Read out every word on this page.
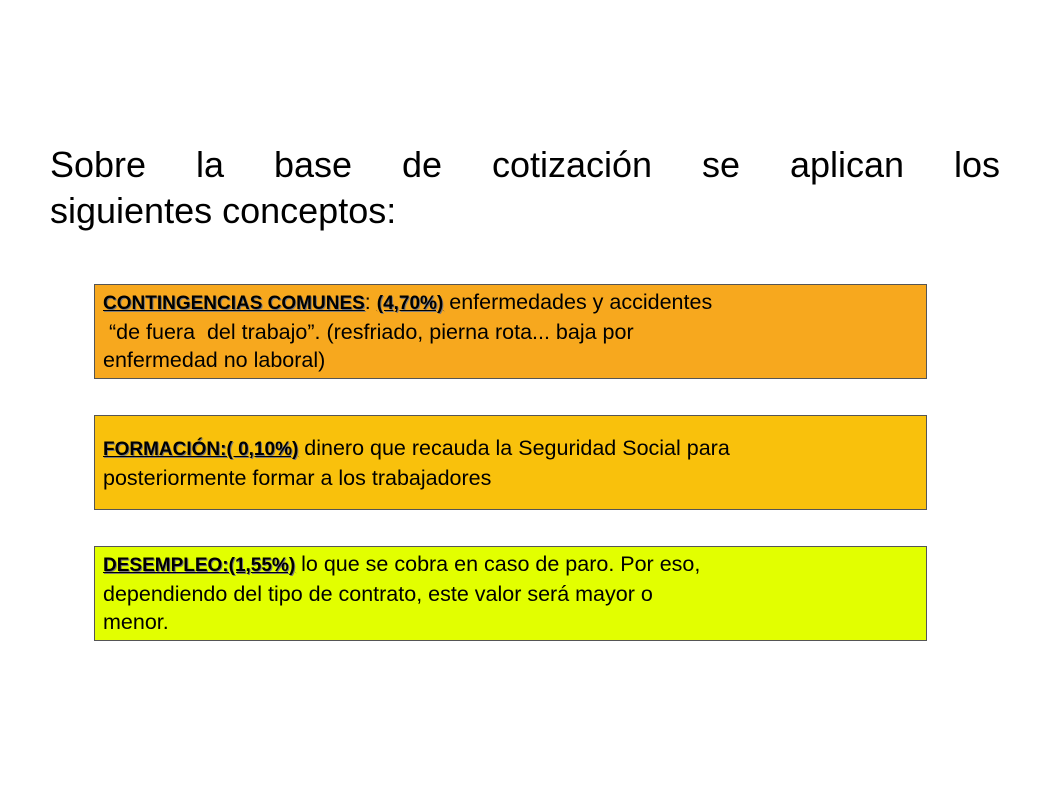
Sobre la base de cotización se aplican los
siguientes conceptos:
CONTINGENCIAS COMUNES: (4,70%) enfermedades y accidentes
“de fuera  del trabajo”. (resfriado, pierna rota... baja por
enfermedad no laboral)
FORMACIÓN:( 0,10%) dinero que recauda la Seguridad Social para
posteriormente formar a los trabajadores
DESEMPLEO:(1,55%) lo que se cobra en caso de paro. Por eso,
dependiendo del tipo de contrato, este valor será mayor o
menor.
